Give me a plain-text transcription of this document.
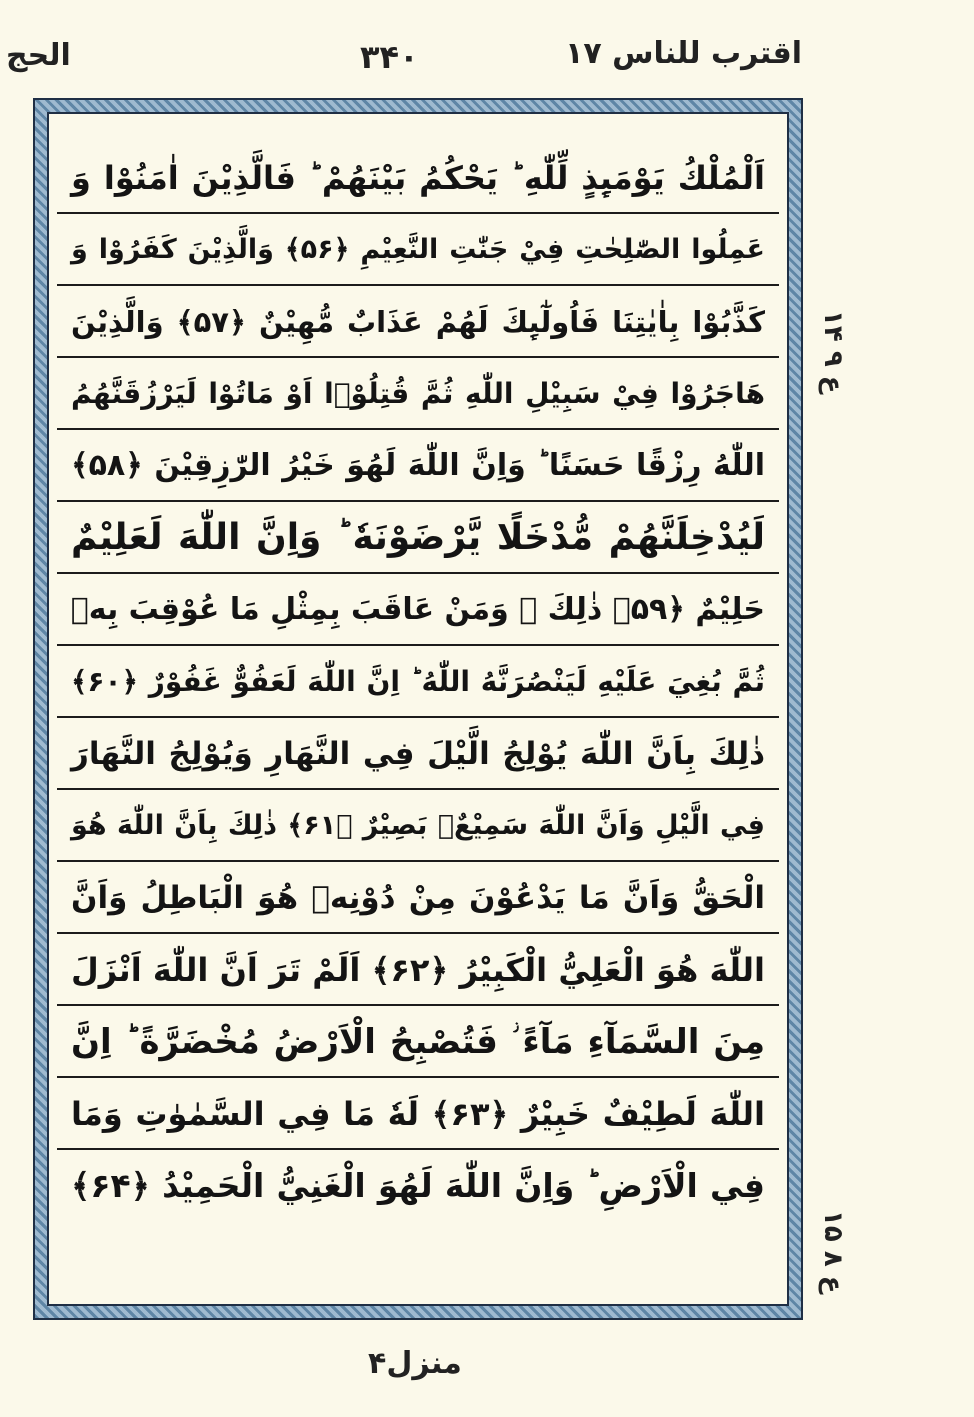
الحج	۳۴۰	اقترب للناس ۱۷
اَلْمُلْكُ يَوْمَىِٕذٍ لِّلّٰهِ ؕ يَحْكُمُ بَيْنَهُمْ ؕ فَالَّذِيْنَ اٰمَنُوْا وَ
عَمِلُوا الصّٰلِحٰتِ فِيْ جَنّٰتِ النَّعِيْمِ ﴿۵۶﴾ وَالَّذِيْنَ كَفَرُوْا وَ
كَذَّبُوْا بِاٰيٰتِنَا فَاُولٰٓىِٕكَ لَهُمْ عَذَابٌ مُّهِيْنٌ ﴿۵۷﴾ وَالَّذِيْنَ
هَاجَرُوْا فِيْ سَبِيْلِ اللّٰهِ ثُمَّ قُتِلُوْۤا اَوْ مَاتُوْا لَيَرْزُقَنَّهُمُ
اللّٰهُ رِزْقًا حَسَنًا ؕ وَاِنَّ اللّٰهَ لَهُوَ خَيْرُ الرّٰزِقِيْنَ ﴿۵۸﴾
لَيُدْخِلَنَّهُمْ مُّدْخَلًا يَّرْضَوْنَهٗ ؕ وَاِنَّ اللّٰهَ لَعَلِيْمٌ
حَلِيْمٌ ﴿۵۹﴾ ذٰلِكَ ۚ وَمَنْ عَاقَبَ بِمِثْلِ مَا عُوْقِبَ بِهٖ
ثُمَّ بُغِيَ عَلَيْهِ لَيَنْصُرَنَّهُ اللّٰهُ ؕ اِنَّ اللّٰهَ لَعَفُوٌّ غَفُوْرٌ ﴿۶۰﴾
ذٰلِكَ بِاَنَّ اللّٰهَ يُوْلِجُ الَّيْلَ فِي النَّهَارِ وَيُوْلِجُ النَّهَارَ
فِي الَّيْلِ وَاَنَّ اللّٰهَ سَمِيْعٌۢ بَصِيْرٌ ﴿۶۱﴾ ذٰلِكَ بِاَنَّ اللّٰهَ هُوَ
الْحَقُّ وَاَنَّ مَا يَدْعُوْنَ مِنْ دُوْنِهٖ هُوَ الْبَاطِلُ وَاَنَّ
اللّٰهَ هُوَ الْعَلِيُّ الْكَبِيْرُ ﴿۶۲﴾ اَلَمْ تَرَ اَنَّ اللّٰهَ اَنْزَلَ
مِنَ السَّمَآءِ مَآءً ؗ فَتُصْبِحُ الْاَرْضُ مُخْضَرَّةً ؕ اِنَّ
اللّٰهَ لَطِيْفٌ خَبِيْرٌ ﴿۶۳﴾ لَهٗ مَا فِي السَّمٰوٰتِ وَمَا
فِي الْاَرْضِ ؕ وَاِنَّ اللّٰهَ لَهُوَ الْغَنِيُّ الْحَمِيْدُ ﴿۶۴﴾
ع ۹ ۱۴
ع ۸ ۱۵
منزل۴
